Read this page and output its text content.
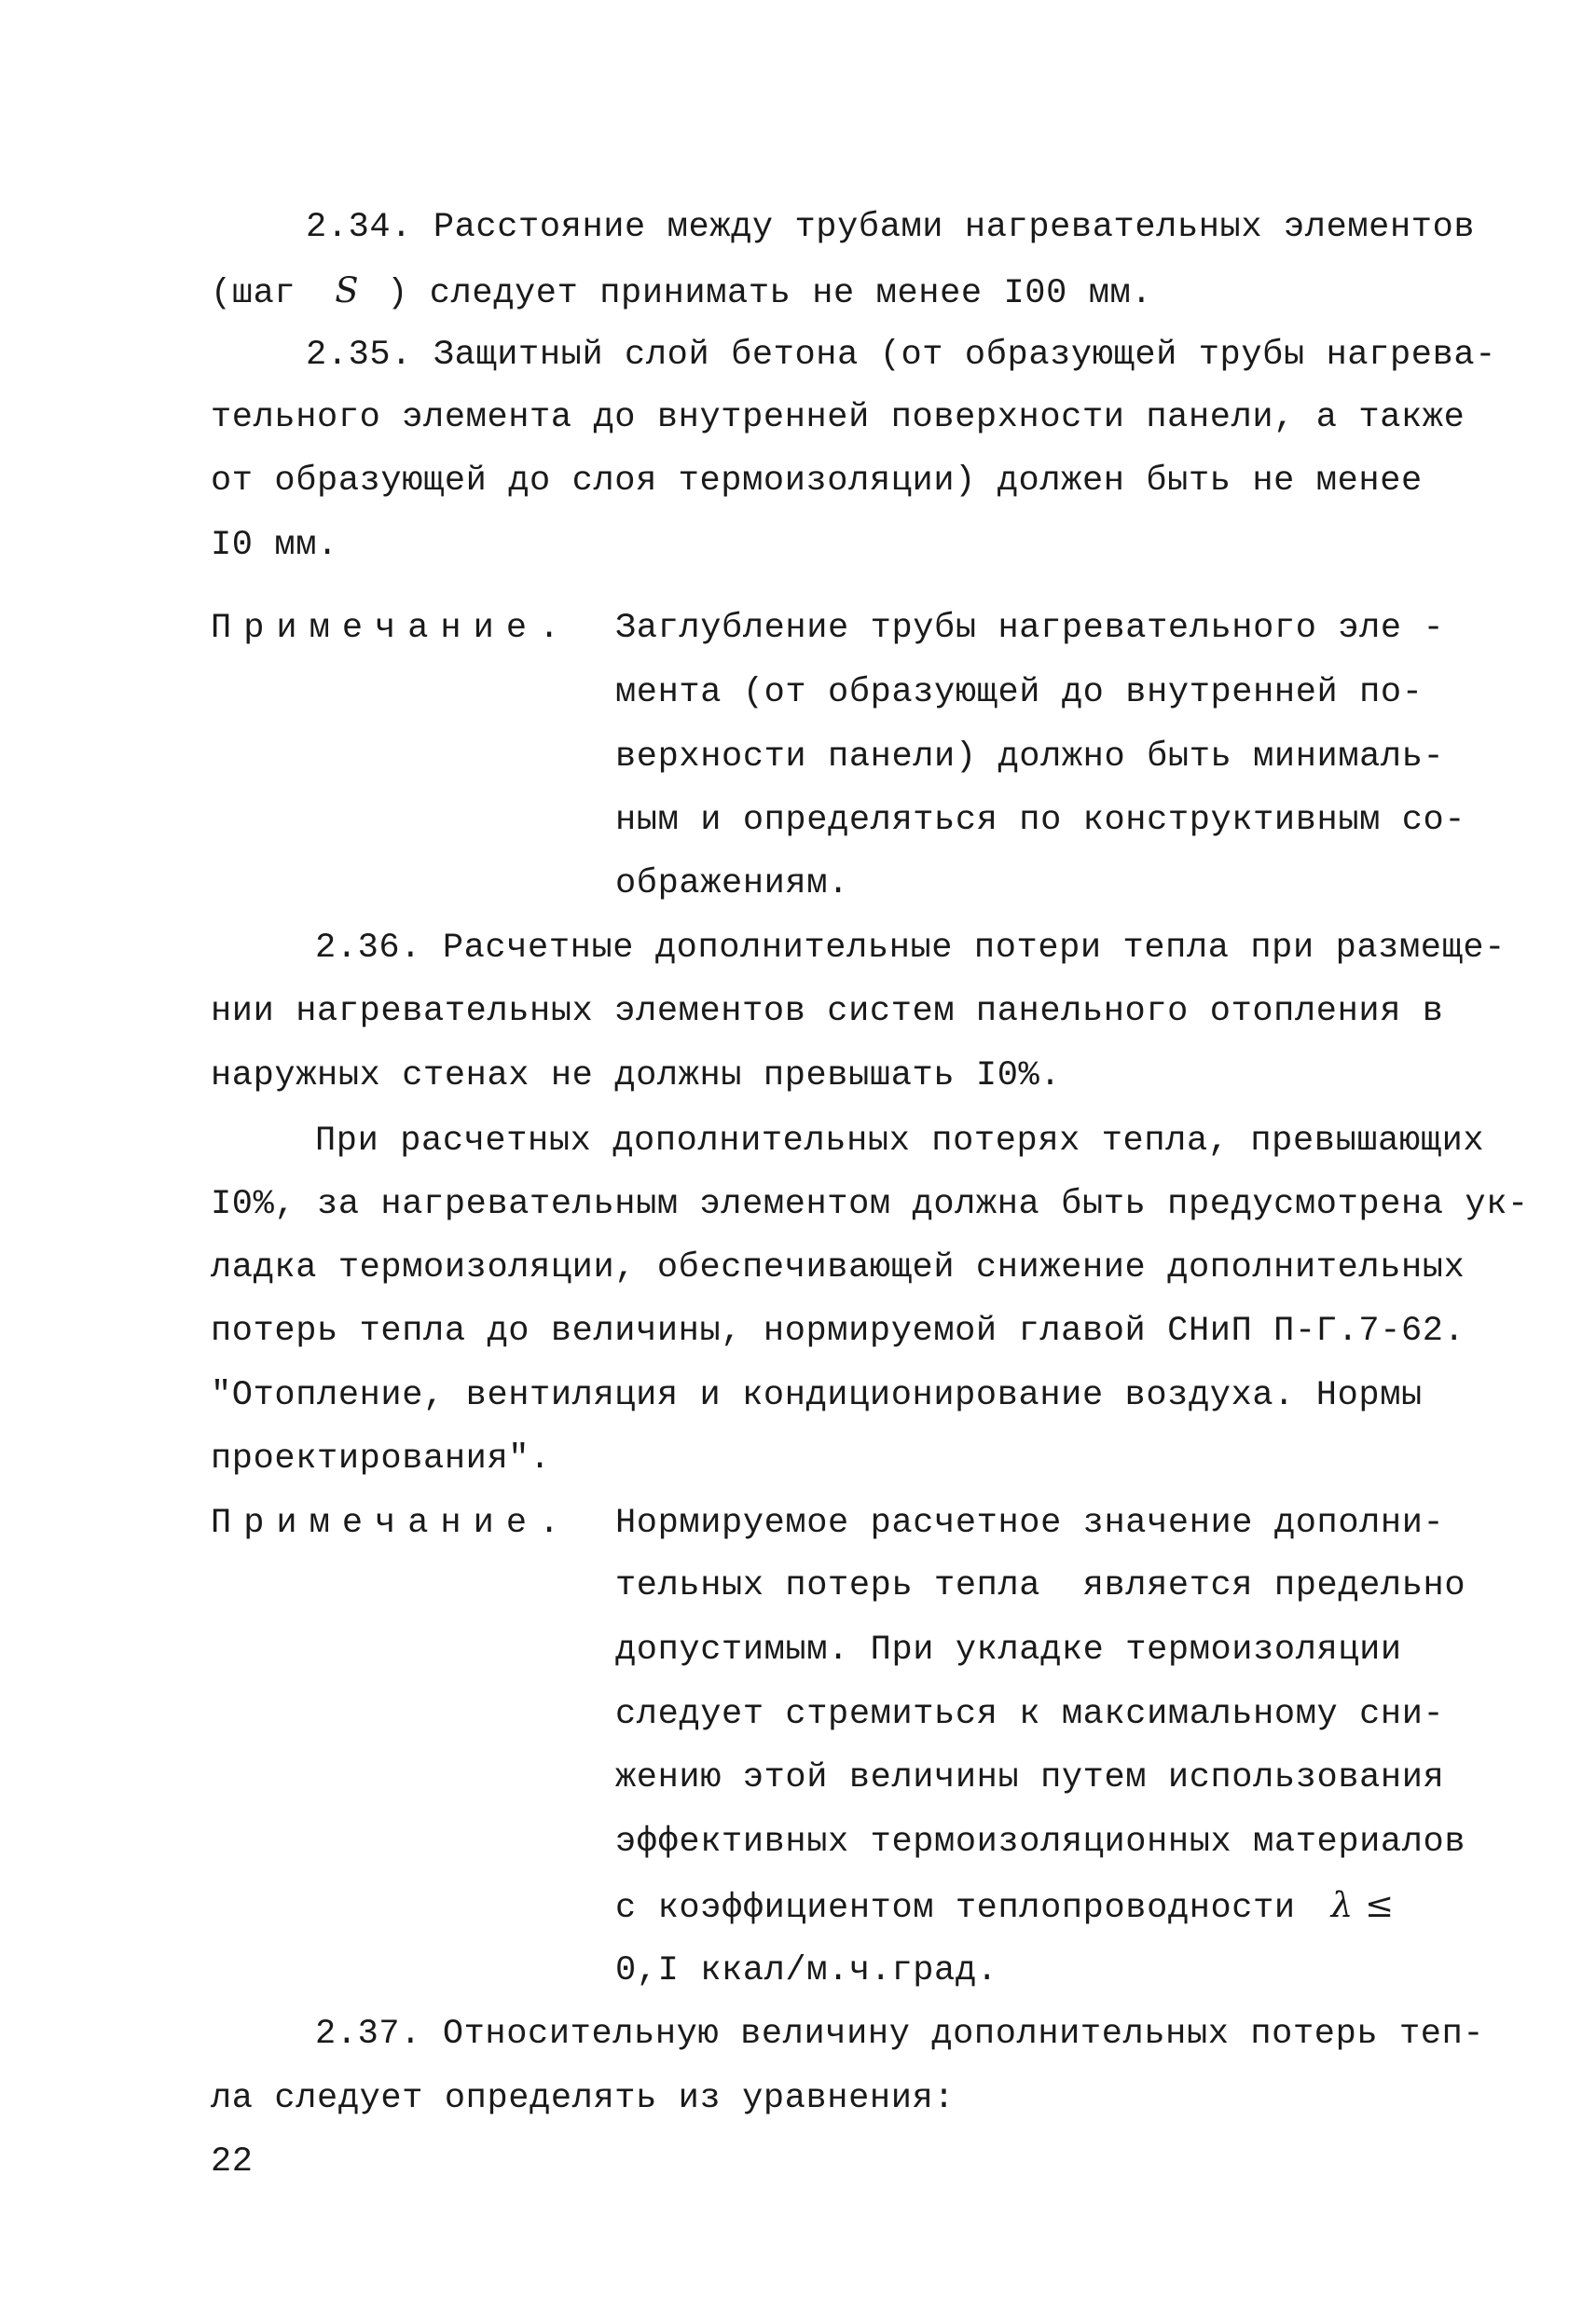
2.34. Расстояние между трубами нагревательных элементов
(шаг S ) следует принимать не менее I00 мм.
2.35. Защитный слой бетона (от образующей трубы нагрева-
тельного элемента до внутренней поверхности панели, а также
от образующей до слоя термоизоляции) должен быть не менее
I0 мм.
Примечание. Заглубление трубы нагревательного эле -
мента (от образующей до внутренней по-
верхности панели) должно быть минималь-
ным и определяться по конструктивным со-
ображениям.
2.36. Расчетные дополнительные потери тепла при размеще-
нии нагревательных элементов систем панельного отопления в
наружных стенах не должны превышать I0%.
При расчетных дополнительных потерях тепла, превышающих
I0%, за нагревательным элементом должна быть предусмотрена ук-
ладка термоизоляции, обеспечивающей снижение дополнительных
потерь тепла до величины, нормируемой главой СНиП П-Г.7-62.
"Отопление, вентиляция и кондиционирование воздуха. Нормы
проектирования".
Примечание. Нормируемое расчетное значение дополни-
тельных потерь тепла  является предельно
допустимым. При укладке термоизоляции
следует стремиться к максимальному сни-
жению этой величины путем использования
эффективных термоизоляционных материалов
с коэффициентом теплопроводности λ ≤
0,I ккал/м.ч.град.
2.37. Относительную величину дополнительных потерь теп-
ла следует определять из уравнения:
22
